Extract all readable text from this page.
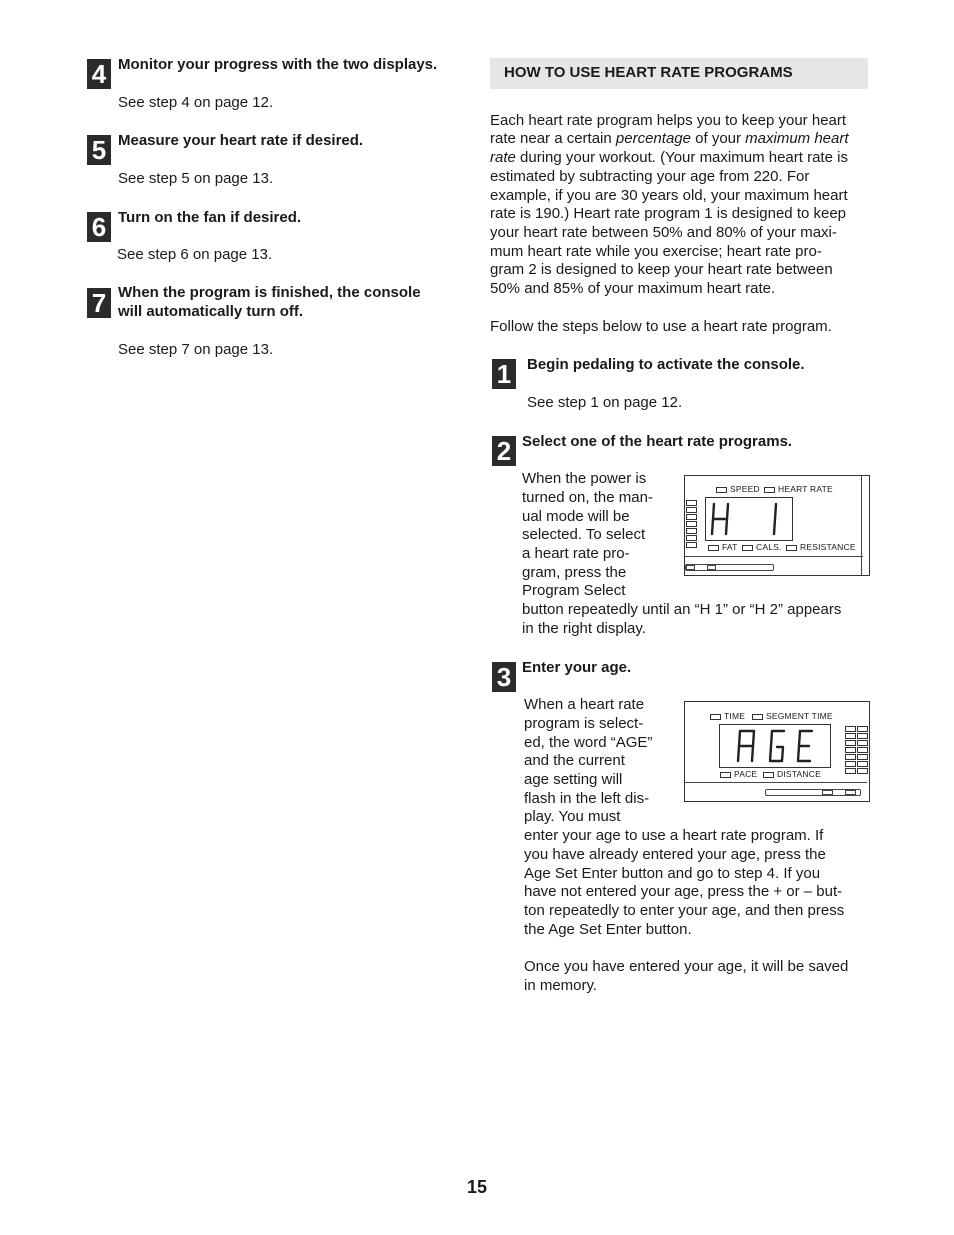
4 Monitor your progress with the two displays.
See step 4 on page 12.
5 Measure your heart rate if desired.
See step 5 on page 13.
6 Turn on the fan if desired.
See step 6 on page 13.
7 When the program is finished, the console
will automatically turn off.
See step 7 on page 13.
HOW TO USE HEART RATE PROGRAMS
Each heart rate program helps you to keep your heart
rate near a certain percentage of your maximum heart
rate during your workout. (Your maximum heart rate is
estimated by subtracting your age from 220. For
example, if you are 30 years old, your maximum heart
rate is 190.) Heart rate program 1 is designed to keep
your heart rate between 50% and 80% of your maxi-
mum heart rate while you exercise; heart rate pro-
gram 2 is designed to keep your heart rate between
50% and 85% of your maximum heart rate.
Follow the steps below to use a heart rate program.
1	Begin pedaling to activate the console.
See step 1 on page 12.
2 Select one of the heart rate programs.
When the power is
turned on, the man-
ual mode will be
selected. To select
a heart rate pro-
gram, press the
Program Select
button repeatedly until an “H 1” or “H 2” appears
in the right display.
SPEED	HEART RATE
FAT	CALS.	RESISTANCE
3 Enter your age.
When a heart rate
program is select-
ed, the word “AGE”
and the current
age setting will
flash in the left dis-
play. You must
enter your age to use a heart rate program. If
you have already entered your age, press the
Age Set Enter button and go to step 4. If you
have not entered your age, press the + or – but-
ton repeatedly to enter your age, and then press
the Age Set Enter button.
Once you have entered your age, it will be saved
in memory.
TIME	SEGMENT TIME
PACE	DISTANCE
15
